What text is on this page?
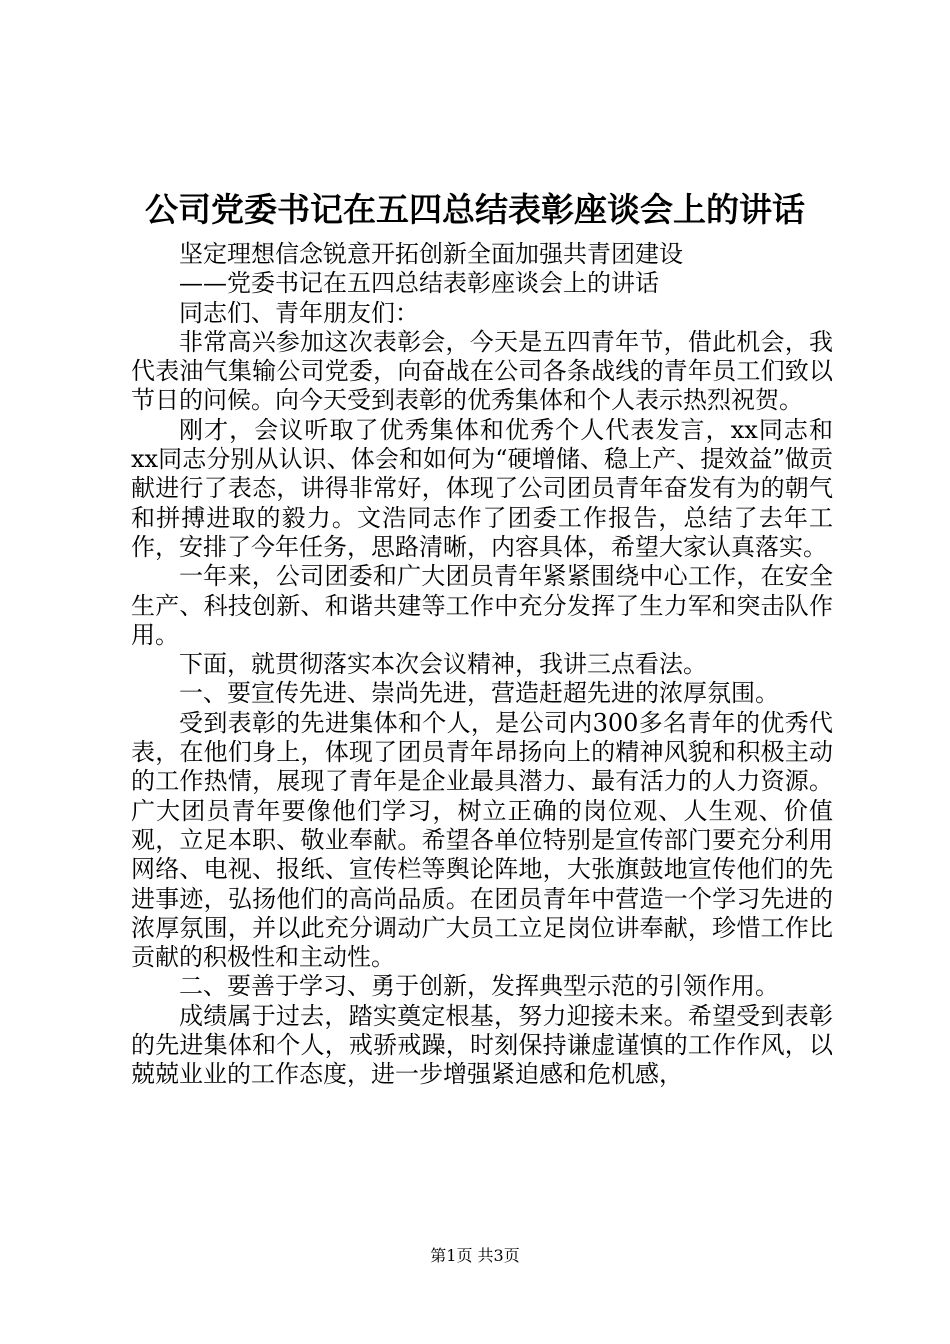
公司党委书记在五四总结表彰座谈会上的讲话

坚定理想信念锐意开拓创新全面加强共青团建设

——党委书记在五四总结表彰座谈会上的讲话

同志们、青年朋友们：

非常高兴参加这次表彰会，今天是五四青年节，借此机会，我代表油气集输公司党委，向奋战在公司各条战线的青年员工们致以节日的问候。向今天受到表彰的优秀集体和个人表示热烈祝贺。

刚才，会议听取了优秀集体和优秀个人代表发言，xx同志和xx同志分别从认识、体会和如何为“硬增储、稳上产、提效益”做贡献进行了表态，讲得非常好，体现了公司团员青年奋发有为的朝气和拼搏进取的毅力。文浩同志作了团委工作报告，总结了去年工作，安排了今年任务，思路清晰，内容具体，希望大家认真落实。

一年来，公司团委和广大团员青年紧紧围绕中心工作，在安全生产、科技创新、和谐共建等工作中充分发挥了生力军和突击队作用。

下面，就贯彻落实本次会议精神，我讲三点看法。

一、要宣传先进、崇尚先进，营造赶超先进的浓厚氛围。

受到表彰的先进集体和个人，是公司内300多名青年的优秀代表，在他们身上，体现了团员青年昂扬向上的精神风貌和积极主动的工作热情，展现了青年是企业最具潜力、最有活力的人力资源。广大团员青年要像他们学习，树立正确的岗位观、人生观、价值观，立足本职、敬业奉献。希望各单位特别是宣传部门要充分利用网络、电视、报纸、宣传栏等舆论阵地，大张旗鼓地宣传他们的先进事迹，弘扬他们的高尚品质。在团员青年中营造一个学习先进的浓厚氛围，并以此充分调动广大员工立足岗位讲奉献，珍惜工作比贡献的积极性和主动性。

二、要善于学习、勇于创新，发挥典型示范的引领作用。

成绩属于过去，踏实奠定根基，努力迎接未来。希望受到表彰的先进集体和个人，戒骄戒躁，时刻保持谦虚谨慎的工作作风，以兢兢业业的工作态度，进一步增强紧迫感和危机感，

第1页 共3页
